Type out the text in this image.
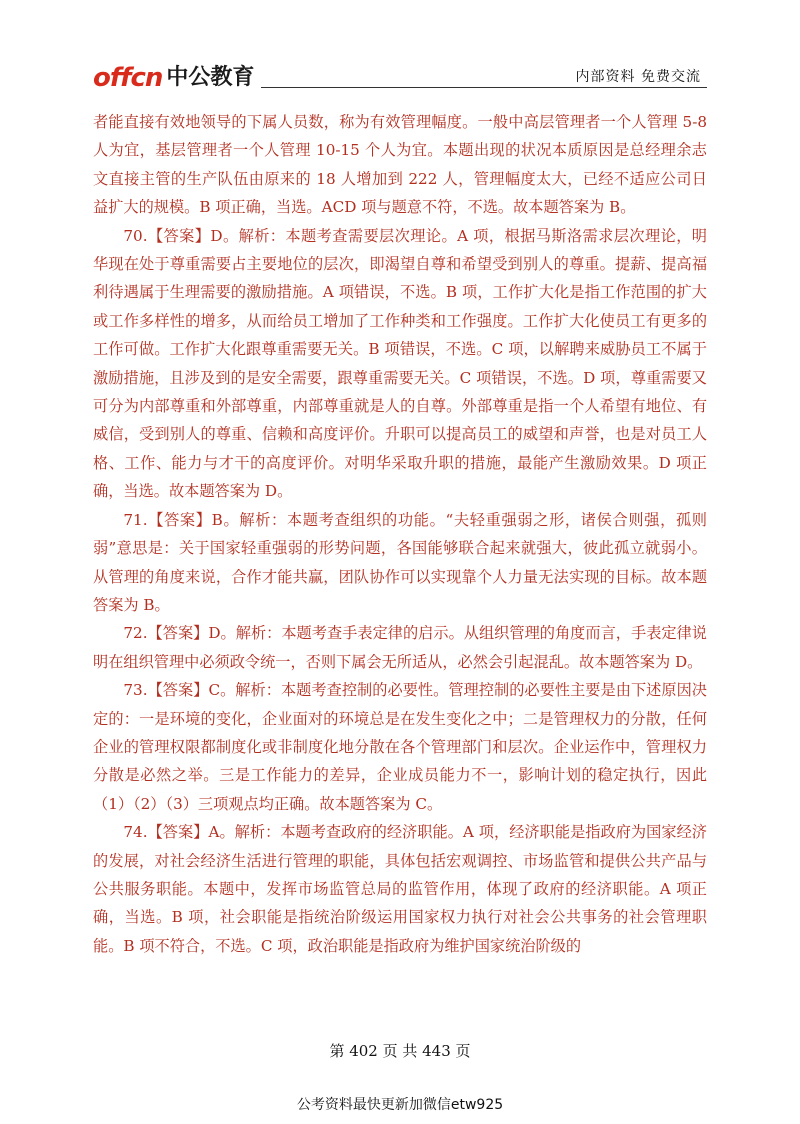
offcn 中公教育	内部资料 免费交流

者能直接有效地领导的下属人员数，称为有效管理幅度。一般中高层管理者一个人管理 5-8 人为宜，基层管理者一个人管理 10-15 个人为宜。本题出现的状况本质原因是总经理余志文直接主管的生产队伍由原来的 18 人增加到 222 人，管理幅度太大，已经不适应公司日益扩大的规模。B 项正确，当选。ACD 项与题意不符，不选。故本题答案为 B。

70.【答案】D。解析：本题考查需要层次理论。A 项，根据马斯洛需求层次理论，明华现在处于尊重需要占主要地位的层次，即渴望自尊和希望受到别人的尊重。提薪、提高福利待遇属于生理需要的激励措施。A 项错误，不选。B 项，工作扩大化是指工作范围的扩大或工作多样性的增多，从而给员工增加了工作种类和工作强度。工作扩大化使员工有更多的工作可做。工作扩大化跟尊重需要无关。B 项错误，不选。C 项，以解聘来威胁员工不属于激励措施，且涉及到的是安全需要，跟尊重需要无关。C 项错误，不选。D 项，尊重需要又可分为内部尊重和外部尊重，内部尊重就是人的自尊。外部尊重是指一个人希望有地位、有威信，受到别人的尊重、信赖和高度评价。升职可以提高员工的威望和声誉，也是对员工人格、工作、能力与才干的高度评价。对明华采取升职的措施，最能产生激励效果。D 项正确，当选。故本题答案为 D。

71.【答案】B。解析：本题考查组织的功能。“夫轻重强弱之形，诸侯合则强，孤则弱”意思是：关于国家轻重强弱的形势问题，各国能够联合起来就强大，彼此孤立就弱小。从管理的角度来说，合作才能共赢，团队协作可以实现靠个人力量无法实现的目标。故本题答案为 B。

72.【答案】D。解析：本题考查手表定律的启示。从组织管理的角度而言，手表定律说明在组织管理中必须政令统一，否则下属会无所适从，必然会引起混乱。故本题答案为 D。

73.【答案】C。解析：本题考查控制的必要性。管理控制的必要性主要是由下述原因决定的：一是环境的变化，企业面对的环境总是在发生变化之中；二是管理权力的分散，任何企业的管理权限都制度化或非制度化地分散在各个管理部门和层次。企业运作中，管理权力分散是必然之举。三是工作能力的差异，企业成员能力不一，影响计划的稳定执行，因此（1）（2）（3）三项观点均正确。故本题答案为 C。

74.【答案】A。解析：本题考查政府的经济职能。A 项，经济职能是指政府为国家经济的发展，对社会经济生活进行管理的职能，具体包括宏观调控、市场监管和提供公共产品与公共服务职能。本题中，发挥市场监管总局的监管作用，体现了政府的经济职能。A 项正确，当选。B 项，社会职能是指统治阶级运用国家权力执行对社会公共事务的社会管理职能。B 项不符合，不选。C 项，政治职能是指政府为维护国家统治阶级的

第 402 页 共 443 页
公考资料最快更新加微信etw925
